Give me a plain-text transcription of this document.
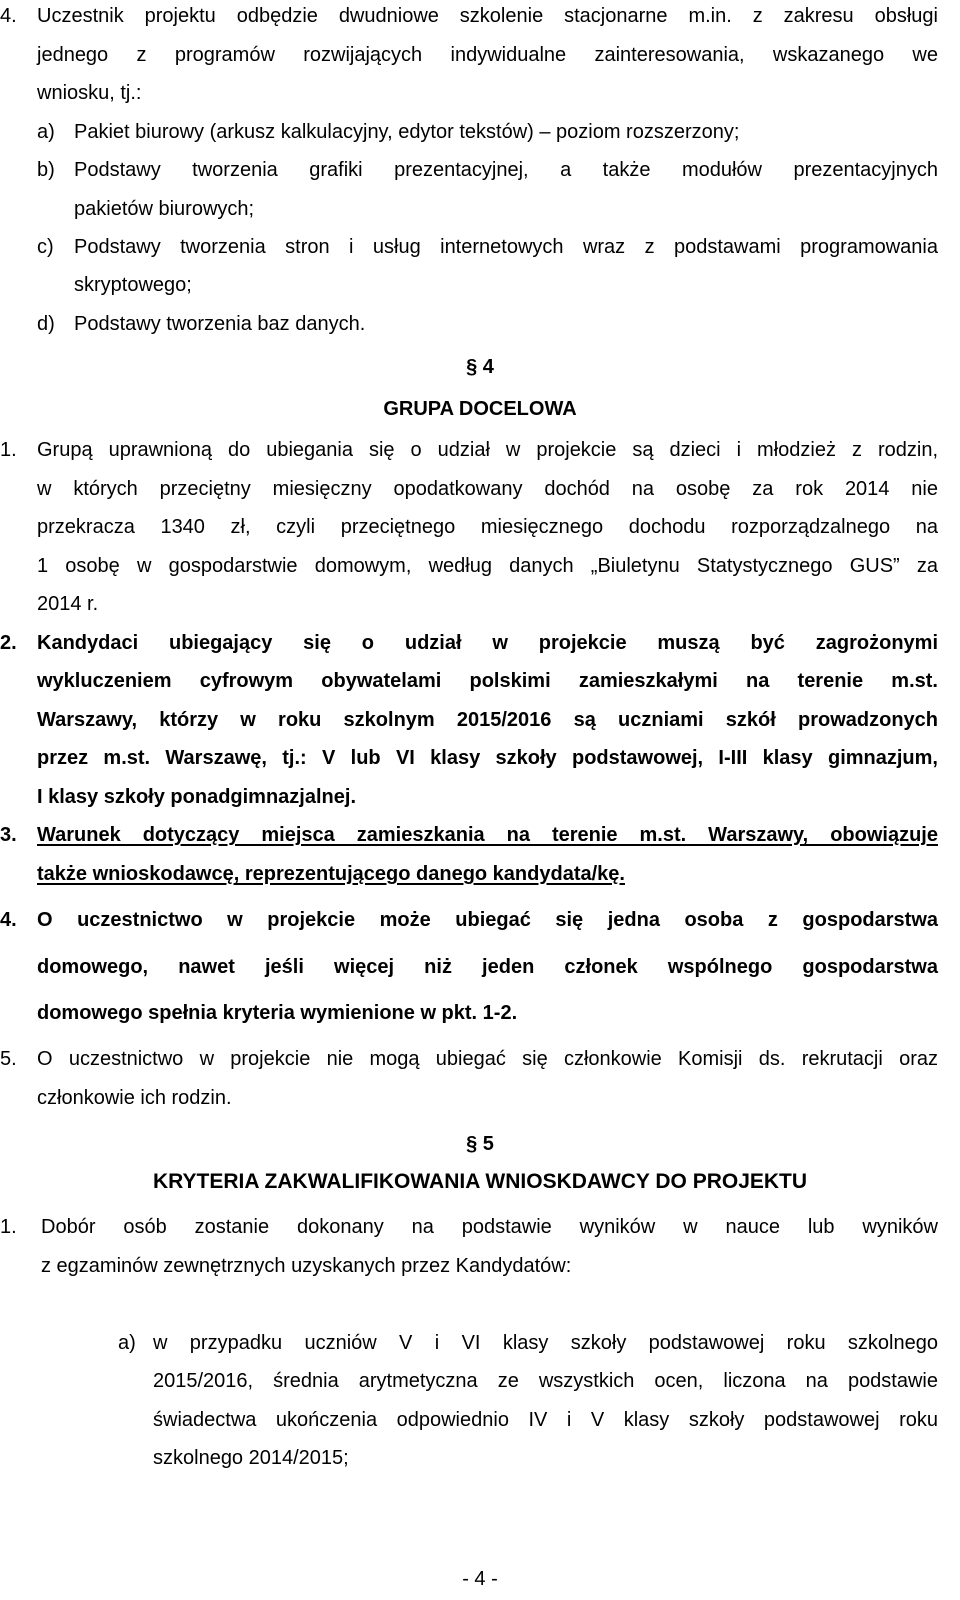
4. Uczestnik projektu odbędzie dwudniowe szkolenie stacjonarne m.in. z zakresu obsługi
jednego z programów rozwijających indywidualne zainteresowania, wskazanego we
wniosku, tj.:
a) Pakiet biurowy (arkusz kalkulacyjny, edytor tekstów) – poziom rozszerzony;
b) Podstawy tworzenia grafiki prezentacyjnej, a także modułów prezentacyjnych
pakietów biurowych;
c) Podstawy tworzenia stron i usług internetowych wraz z podstawami programowania
skryptowego;
d) Podstawy tworzenia baz danych.
§ 4
GRUPA DOCELOWA
1. Grupą uprawnioną do ubiegania się o udział w projekcie są dzieci i młodzież z rodzin,
w których przeciętny miesięczny opodatkowany dochód na osobę za rok 2014 nie
przekracza 1340 zł, czyli przeciętnego miesięcznego dochodu rozporządzalnego na
1 osobę w gospodarstwie domowym, według danych „Biuletynu Statystycznego GUS” za
2014 r.
2. Kandydaci ubiegający się o udział w projekcie muszą być zagrożonymi
wykluczeniem cyfrowym obywatelami polskimi zamieszkałymi na terenie m.st.
Warszawy, którzy w roku szkolnym 2015/2016 są uczniami szkół prowadzonych
przez m.st. Warszawę, tj.: V lub VI klasy szkoły podstawowej, I-III klasy gimnazjum,
I klasy szkoły ponadgimnazjalnej.
3. Warunek dotyczący miejsca zamieszkania na terenie m.st. Warszawy, obowiązuje
także wnioskodawcę, reprezentującego danego kandydata/kę.
4. O uczestnictwo w projekcie może ubiegać się jedna osoba z gospodarstwa
domowego, nawet jeśli więcej niż jeden członek wspólnego gospodarstwa
domowego spełnia kryteria wymienione w pkt. 1-2.
5. O uczestnictwo w projekcie nie mogą ubiegać się członkowie Komisji ds. rekrutacji oraz
członkowie ich rodzin.
§ 5
KRYTERIA ZAKWALIFIKOWANIA WNIOSKDAWCY DO PROJEKTU
1. Dobór osób zostanie dokonany na podstawie wyników w nauce lub wyników
z egzaminów zewnętrznych uzyskanych przez Kandydatów:
a) w przypadku uczniów V i VI klasy szkoły podstawowej roku szkolnego
2015/2016, średnia arytmetyczna ze wszystkich ocen, liczona na podstawie
świadectwa ukończenia odpowiednio IV i V klasy szkoły podstawowej roku
szkolnego 2014/2015;
- 4 -
